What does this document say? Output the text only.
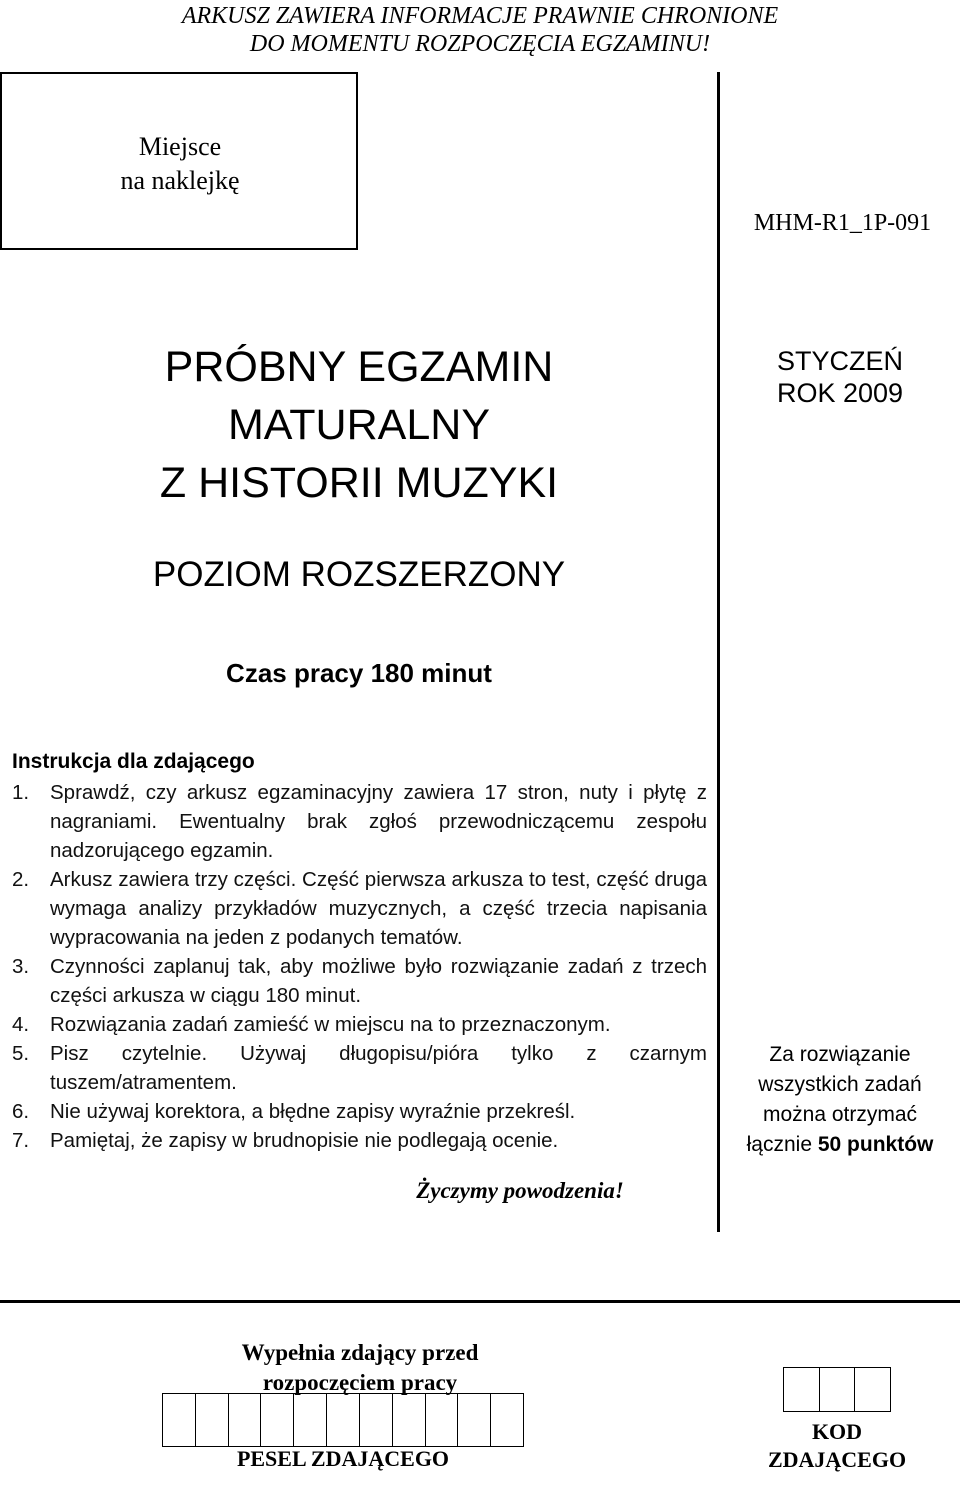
ARKUSZ ZAWIERA INFORMACJE PRAWNIE CHRONIONE
DO MOMENTU ROZPOCZĘCIA EGZAMINU!
Miejsce
na naklejkę
MHM-R1_1P-091
PRÓBNY EGZAMIN
MATURALNY
Z HISTORII MUZYKI
STYCZEŃ
ROK 2009
POZIOM ROZSZERZONY
Czas pracy 180 minut
Instrukcja dla zdającego
1. Sprawdź, czy arkusz egzaminacyjny zawiera 17 stron, nuty i płytę z nagraniami. Ewentualny brak zgłoś przewodniczącemu zespołu nadzorującego egzamin.
2. Arkusz zawiera trzy części. Część pierwsza arkusza to test, część druga wymaga analizy przykładów muzycznych, a część trzecia napisania wypracowania na jeden z podanych tematów.
3. Czynności zaplanuj tak, aby możliwe było rozwiązanie zadań z trzech części arkusza w ciągu 180 minut.
4. Rozwiązania zadań zamieść w miejscu na to przeznaczonym.
5. Pisz czytelnie. Używaj długopisu/pióra tylko z czarnym tuszem/atramentem.
6. Nie używaj korektora, a błędne zapisy wyraźnie przekreśl.
7. Pamiętaj, że zapisy w brudnopisie nie podlegają ocenie.
Życzymy powodzenia!
Za rozwiązanie
wszystkich zadań
można otrzymać
łącznie 50 punktów
Wypełnia zdający przed
rozpoczęciem pracy
PESEL ZDAJĄCEGO
KOD
ZDAJĄCEGO
